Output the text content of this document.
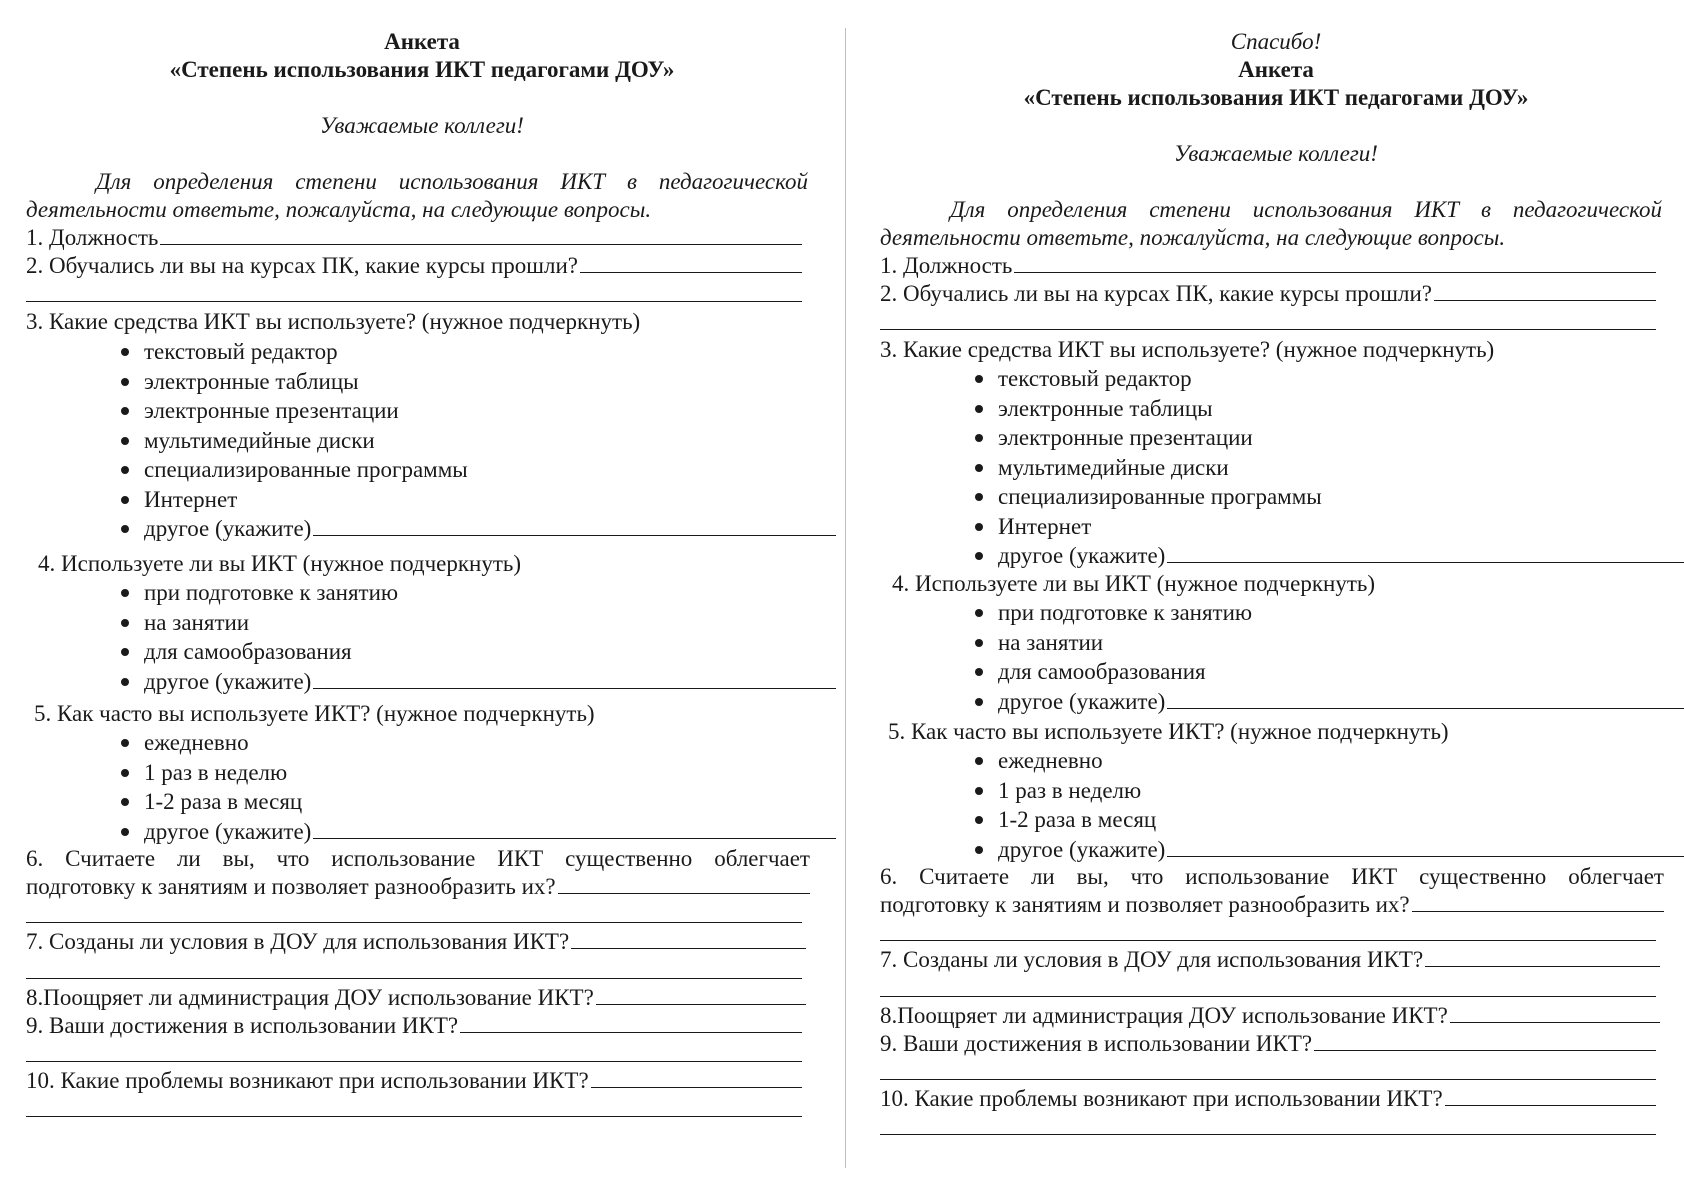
Анкета
«Степень использования ИКТ педагогами ДОУ»
Уважаемые коллеги!
Для определения степени использования ИКТ в педагогической деятельности ответьте, пожалуйста, на следующие вопросы.
1. Должность
2. Обучались ли вы на курсах ПК, какие курсы прошли?
3. Какие средства ИКТ вы используете? (нужное подчеркнуть)
текстовый редактор
электронные таблицы
электронные презентации
мультимедийные диски
специализированные программы
Интернет
другое (укажите)
4. Используете ли вы ИКТ (нужное подчеркнуть)
при подготовке к занятию
на занятии
для самообразования
другое (укажите)
5. Как часто вы используете ИКТ? (нужное подчеркнуть)
ежедневно
1 раз в неделю
1-2 раза в месяц
другое (укажите)
6. Считаете ли вы, что использование ИКТ существенно облегчает
подготовку к занятиям и позволяет разнообразить их?
7. Созданы ли условия в ДОУ для использования ИКТ?
8.Поощряет ли администрация ДОУ использование ИКТ?
9. Ваши достижения в использовании ИКТ?
10. Какие проблемы возникают при использовании ИКТ?
Спасибо!
Анкета
«Степень использования ИКТ педагогами ДОУ»
Уважаемые коллеги!
Для определения степени использования ИКТ в педагогической деятельности ответьте, пожалуйста, на следующие вопросы.
1. Должность
2. Обучались ли вы на курсах ПК, какие курсы прошли?
3. Какие средства ИКТ вы используете? (нужное подчеркнуть)
текстовый редактор
электронные таблицы
электронные презентации
мультимедийные диски
специализированные программы
Интернет
другое (укажите)
4. Используете ли вы ИКТ (нужное подчеркнуть)
при подготовке к занятию
на занятии
для самообразования
другое (укажите)
5. Как часто вы используете ИКТ? (нужное подчеркнуть)
ежедневно
1 раз в неделю
1-2 раза в месяц
другое (укажите)
6. Считаете ли вы, что использование ИКТ существенно облегчает
подготовку к занятиям и позволяет разнообразить их?
7. Созданы ли условия в ДОУ для использования ИКТ?
8.Поощряет ли администрация ДОУ использование ИКТ?
9. Ваши достижения в использовании ИКТ?
10. Какие проблемы возникают при использовании ИКТ?
